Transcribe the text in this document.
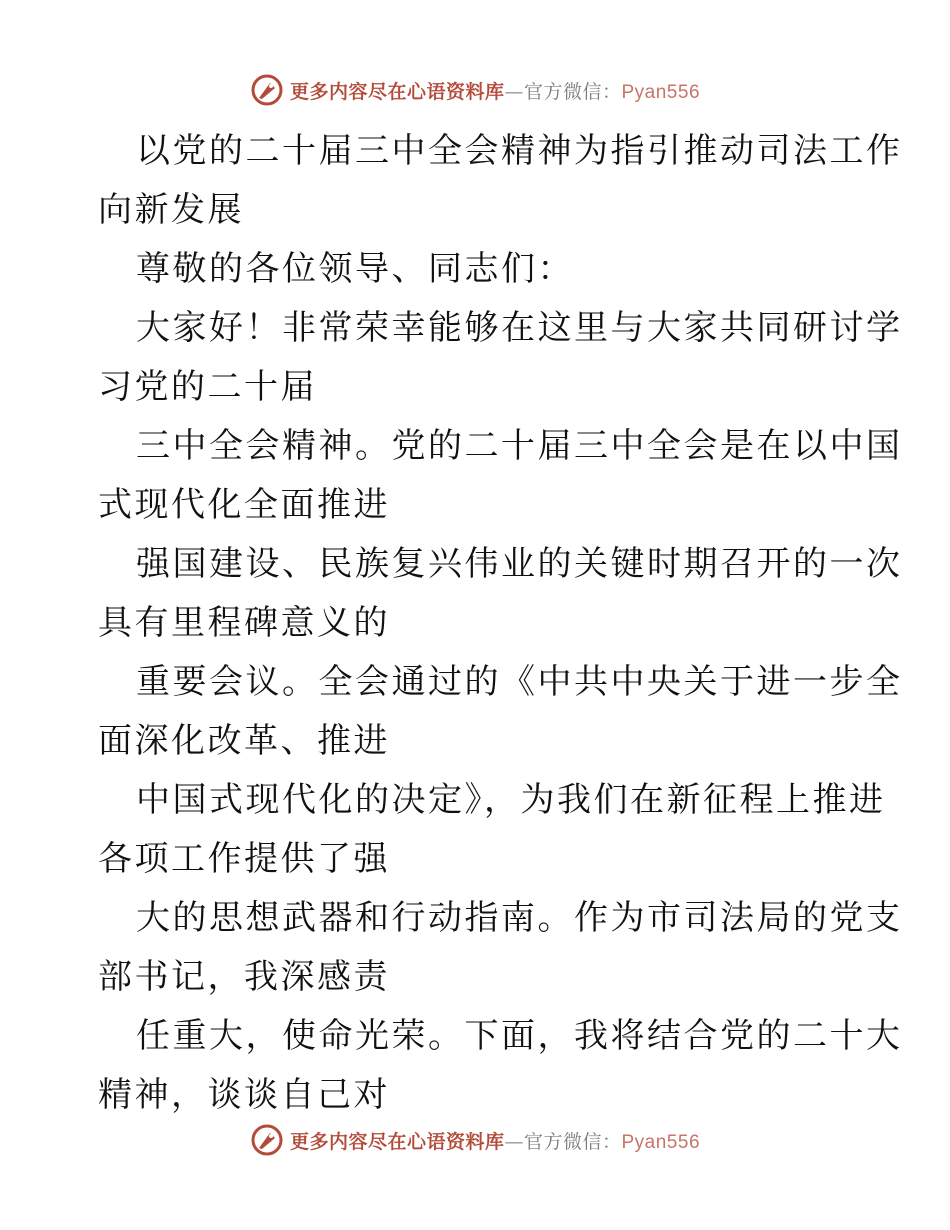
更多内容尽在心语资料库—官方微信：Pyan556
以党的二十届三中全会精神为指引推动司法工作
向新发展
尊敬的各位领导、同志们：
大家好！非常荣幸能够在这里与大家共同研讨学
习党的二十届
三中全会精神。党的二十届三中全会是在以中国
式现代化全面推进
强国建设、民族复兴伟业的关键时期召开的一次
具有里程碑意义的
重要会议。全会通过的《中共中央关于进一步全
面深化改革、推进
中国式现代化的决定》，为我们在新征程上推进
各项工作提供了强
大的思想武器和行动指南。作为市司法局的党支
部书记，我深感责
任重大，使命光荣。下面，我将结合党的二十大
精神，谈谈自己对
更多内容尽在心语资料库—官方微信：Pyan556
